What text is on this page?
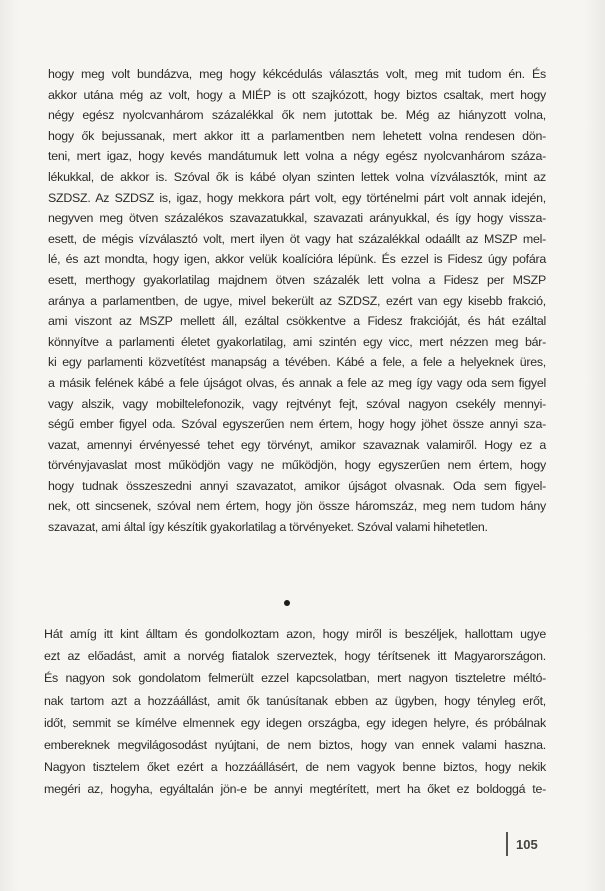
hogy meg volt bundázva, meg hogy kékcédulás választás volt, meg mit tudom én. És
akkor utána még az volt, hogy a MIÉP is ott szajkózott, hogy biztos csaltak, mert hogy
négy egész nyolcvanhárom százalékkal ők nem jutottak be. Még az hiányzott volna,
hogy ők bejussanak, mert akkor itt a parlamentben nem lehetett volna rendesen dön-
teni, mert igaz, hogy kevés mandátumuk lett volna a négy egész nyolcvanhárom száza-
lékukkal, de akkor is. Szóval ők is kábé olyan szinten lettek volna vízválasztók, mint az
SZDSZ. Az SZDSZ is, igaz, hogy mekkora párt volt, egy történelmi párt volt annak idején,
negyven meg ötven százalékos szavazatukkal, szavazati arányukkal, és így hogy vissza-
esett, de mégis vízválasztó volt, mert ilyen öt vagy hat százalékkal odaállt az MSZP mel-
lé, és azt mondta, hogy igen, akkor velük koalícióra lépünk. És ezzel is Fidesz úgy pofára
esett, merthogy gyakorlatilag majdnem ötven százalék lett volna a Fidesz per MSZP
aránya a parlamentben, de ugye, mivel bekerült az SZDSZ, ezért van egy kisebb frakció,
ami viszont az MSZP mellett áll, ezáltal csökkentve a Fidesz frakcióját, és hát ezáltal
könnyítve a parlamenti életet gyakorlatilag, ami szintén egy vicc, mert nézzen meg bár-
ki egy parlamenti közvetítést manapság a tévében. Kábé a fele, a fele a helyeknek üres,
a másik felének kábé a fele újságot olvas, és annak a fele az meg így vagy oda sem figyel
vagy alszik, vagy mobiltelefonozik, vagy rejtvényt fejt, szóval nagyon csekély mennyi-
ségű ember figyel oda. Szóval egyszerűen nem értem, hogy hogy jöhet össze annyi sza-
vazat, amennyi érvényessé tehet egy törvényt, amikor szavaznak valamiről. Hogy ez a
törvényjavaslat most működjön vagy ne működjön, hogy egyszerűen nem értem, hogy
hogy tudnak összeszedni annyi szavazatot, amikor újságot olvasnak. Oda sem figyel-
nek, ott sincsenek, szóval nem értem, hogy jön össze háromszáz, meg nem tudom hány
szavazat, ami által így készítik gyakorlatilag a törvényeket. Szóval valami hihetetlen.
Hát amíg itt kint álltam és gondolkoztam azon, hogy miről is beszéljek, hallottam ugye
ezt az előadást, amit a norvég fiatalok szerveztek, hogy térítsenek itt Magyarországon.
És nagyon sok gondolatom felmerült ezzel kapcsolatban, mert nagyon tiszteletre méltó-
nak tartom azt a hozzáállást, amit ők tanúsítanak ebben az ügyben, hogy tényleg erőt,
időt, semmit se kímélve elmennek egy idegen országba, egy idegen helyre, és próbálnak
embereknek megvilágosodást nyújtani, de nem biztos, hogy van ennek valami haszna.
Nagyon tisztelem őket ezért a hozzáállásért, de nem vagyok benne biztos, hogy nekik
megéri az, hogyha, egyáltalán jön-e be annyi megtérített, mert ha őket ez boldoggá te-
105
